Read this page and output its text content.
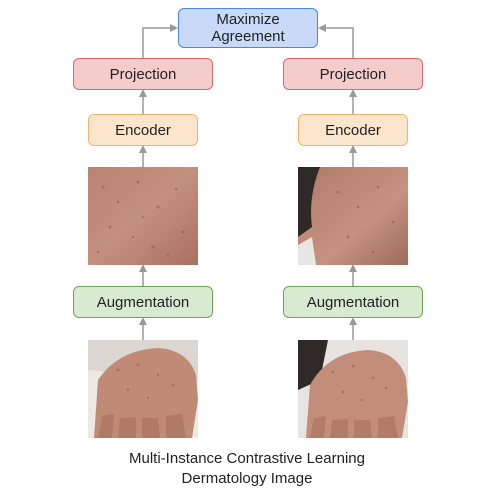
Maximize
Agreement
Projection	Projection
Encoder	Encoder
Augmentation	Augmentation
Multi-Instance Contrastive Learning
Dermatology Image
